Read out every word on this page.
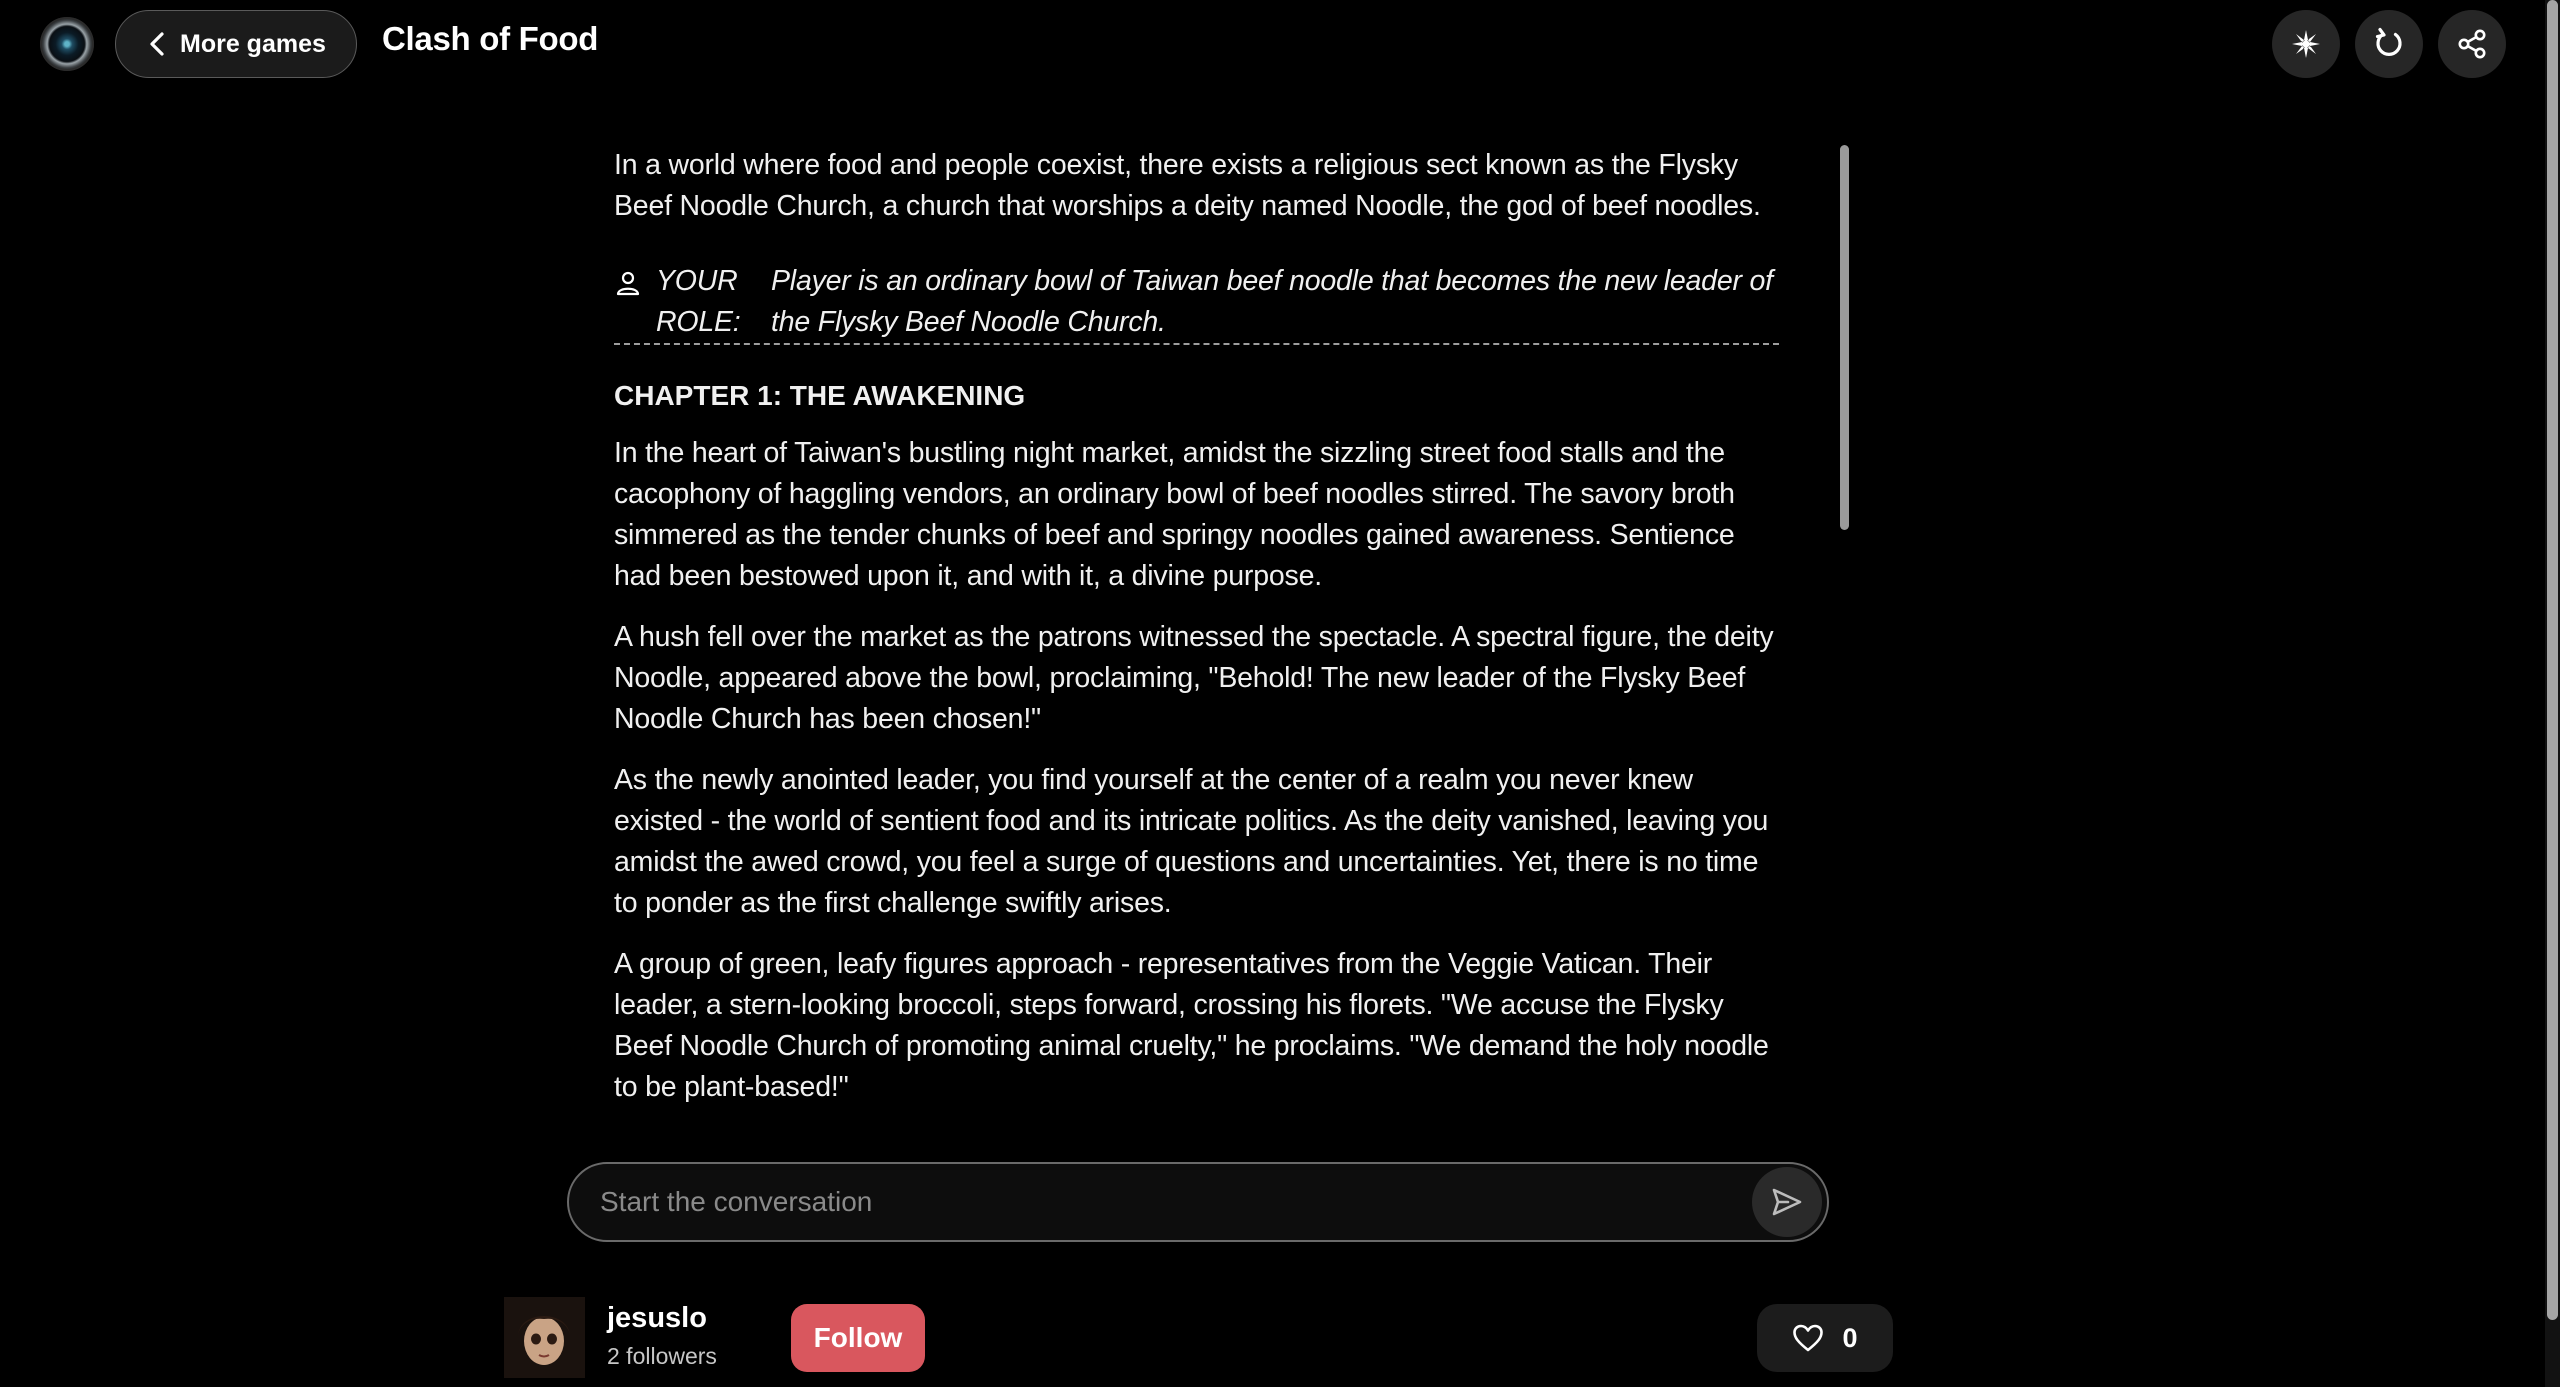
More games Clash of Food

In a world where food and people coexist, there exists a religious sect known as the Flysky Beef Noodle Church, a church that worships a deity named Noodle, the god of beef noodles.

YOUR ROLE:
Player is an ordinary bowl of Taiwan beef noodle that becomes the new leader of the Flysky Beef Noodle Church.

CHAPTER 1: THE AWAKENING

In the heart of Taiwan's bustling night market, amidst the sizzling street food stalls and the cacophony of haggling vendors, an ordinary bowl of beef noodles stirred. The savory broth simmered as the tender chunks of beef and springy noodles gained awareness. Sentience had been bestowed upon it, and with it, a divine purpose.

A hush fell over the market as the patrons witnessed the spectacle. A spectral figure, the deity Noodle, appeared above the bowl, proclaiming, "Behold! The new leader of the Flysky Beef Noodle Church has been chosen!"

As the newly anointed leader, you find yourself at the center of a realm you never knew existed - the world of sentient food and its intricate politics. As the deity vanished, leaving you amidst the awed crowd, you feel a surge of questions and uncertainties. Yet, there is no time to ponder as the first challenge swiftly arises.

A group of green, leafy figures approach - representatives from the Veggie Vatican. Their leader, a stern-looking broccoli, steps forward, crossing his florets. "We accuse the Flysky Beef Noodle Church of promoting animal cruelty," he proclaims. "We demand the holy noodle to be plant-based!"

Start the conversation
jesuslo
2 followers
Follow	0
